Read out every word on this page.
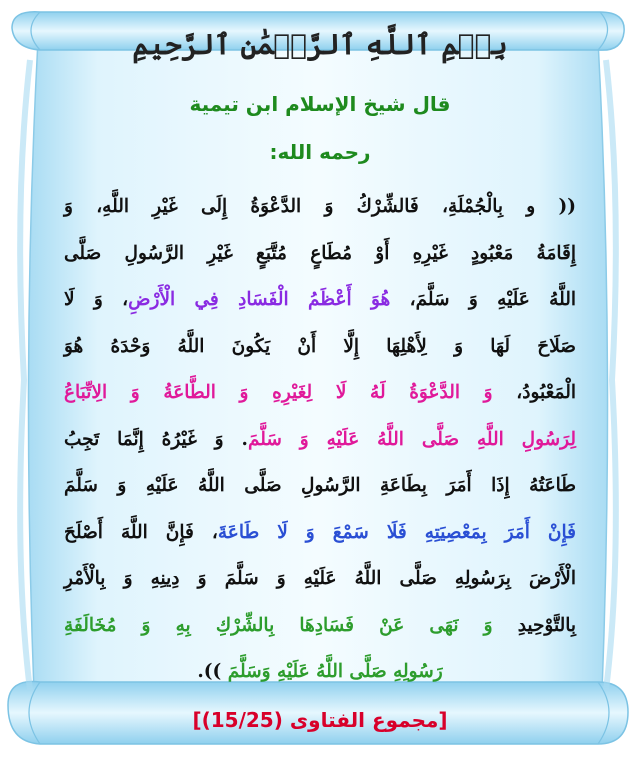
بِسۡمِ ٱللَّهِ ٱلرَّحۡمَٰنِ ٱلرَّحِيمِ
قال شيخ الإسلام ابن تيمية
رحمه الله:
(( و بِالْجُمْلَةِ، فَالشِّرْكُ وَ الدَّعْوَةُ إِلَى غَيْرِ اللَّهِ، وَ
إِقَامَةُ مَعْبُودٍ غَيْرِهِ أَوْ مُطَاعٍ مُتَّبَعٍ غَيْرِ الرَّسُولِ صَلَّى
اللَّهُ عَلَيْهِ وَ سَلَّمَ، هُوَ أَعْظَمُ الْفَسَادِ فِي الْأَرْضِ، وَ لَا
صَلَاحَ لَهَا وَ لِأَهْلِهَا إِلَّا أَنْ يَكُونَ اللَّهُ وَحْدَهُ هُوَ
الْمَعْبُودُ، وَ الدَّعْوَةُ لَهُ لَا لِغَيْرِهِ وَ الطَّاعَةُ وَ الِاتِّبَاعُ
لِرَسُولِ اللَّهِ صَلَّى اللَّهُ عَلَيْهِ وَ سَلَّمَ. وَ غَيْرُهُ إِنَّمَا تَجِبُ
طَاعَتُهُ إِذَا أَمَرَ بِطَاعَةِ الرَّسُولِ صَلَّى اللَّهُ عَلَيْهِ وَ سَلَّمَ
فَإِنْ أَمَرَ بِمَعْصِيَتِهِ فَلَا سَمْعَ وَ لَا طَاعَةَ، فَإِنَّ اللَّهَ أَصْلَحَ
الْأَرْضَ بِرَسُولِهِ صَلَّى اللَّهُ عَلَيْهِ وَ سَلَّمَ وَ دِينِهِ وَ بِالْأَمْرِ
بِالتَّوْحِيدِ وَ نَهَى عَنْ فَسَادِهَا بِالشِّرْكِ بِهِ وَ مُخَالَفَةِ
رَسُولِهِ صَلَّى اللَّهُ عَلَيْهِ وَسَلَّمَ )).
[مجموع الفتاوى (15/25)]
